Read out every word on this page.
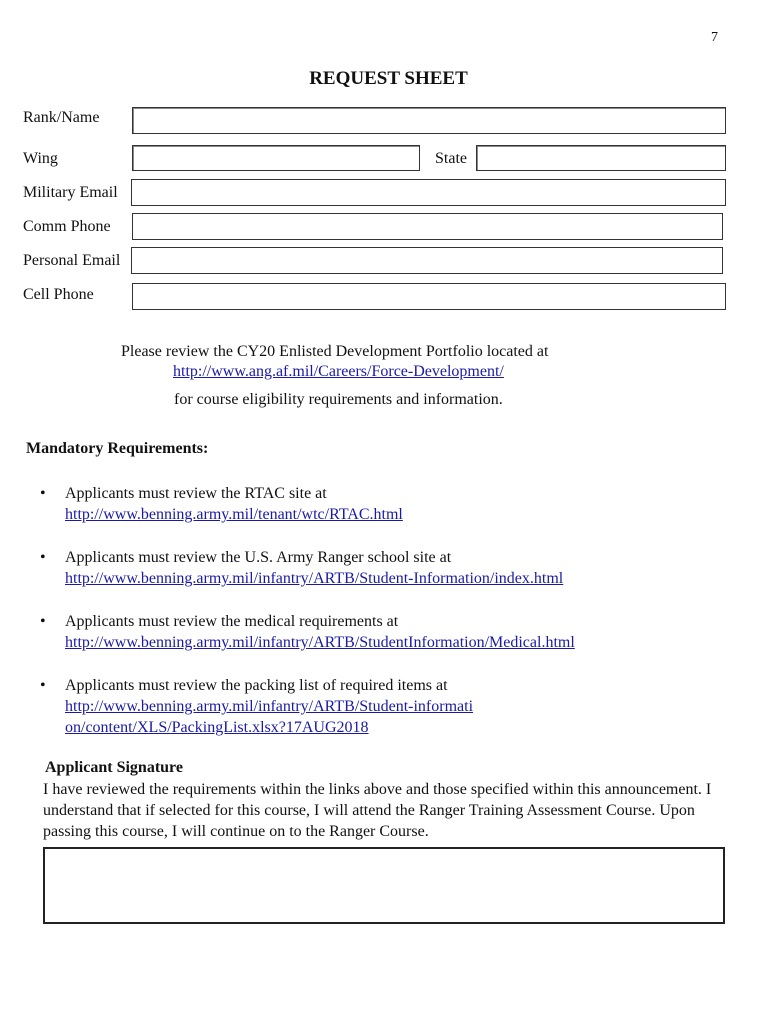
7
REQUEST SHEET
Rank/Name
Wing	State
Military Email
Comm Phone
Personal Email
Cell Phone
Please review the CY20 Enlisted Development Portfolio located at
http://www.ang.af.mil/Careers/Force-Development/
for course eligibility requirements and information.
Mandatory Requirements:
• Applicants must review the RTAC site at
http://www.benning.army.mil/tenant/wtc/RTAC.html
• Applicants must review the U.S. Army Ranger school site at
http://www.benning.army.mil/infantry/ARTB/Student-Information/index.html
• Applicants must review the medical requirements at
http://www.benning.army.mil/infantry/ARTB/StudentInformation/Medical.html
• Applicants must review the packing list of required items at
http://www.benning.army.mil/infantry/ARTB/Student-information/content/XLS/PackingList.xlsx?17AUG2018
Applicant Signature
I have reviewed the requirements within the links above and those specified within this announcement. I understand that if selected for this course, I will attend the Ranger Training Assessment Course. Upon passing this course, I will continue on to the Ranger Course.
